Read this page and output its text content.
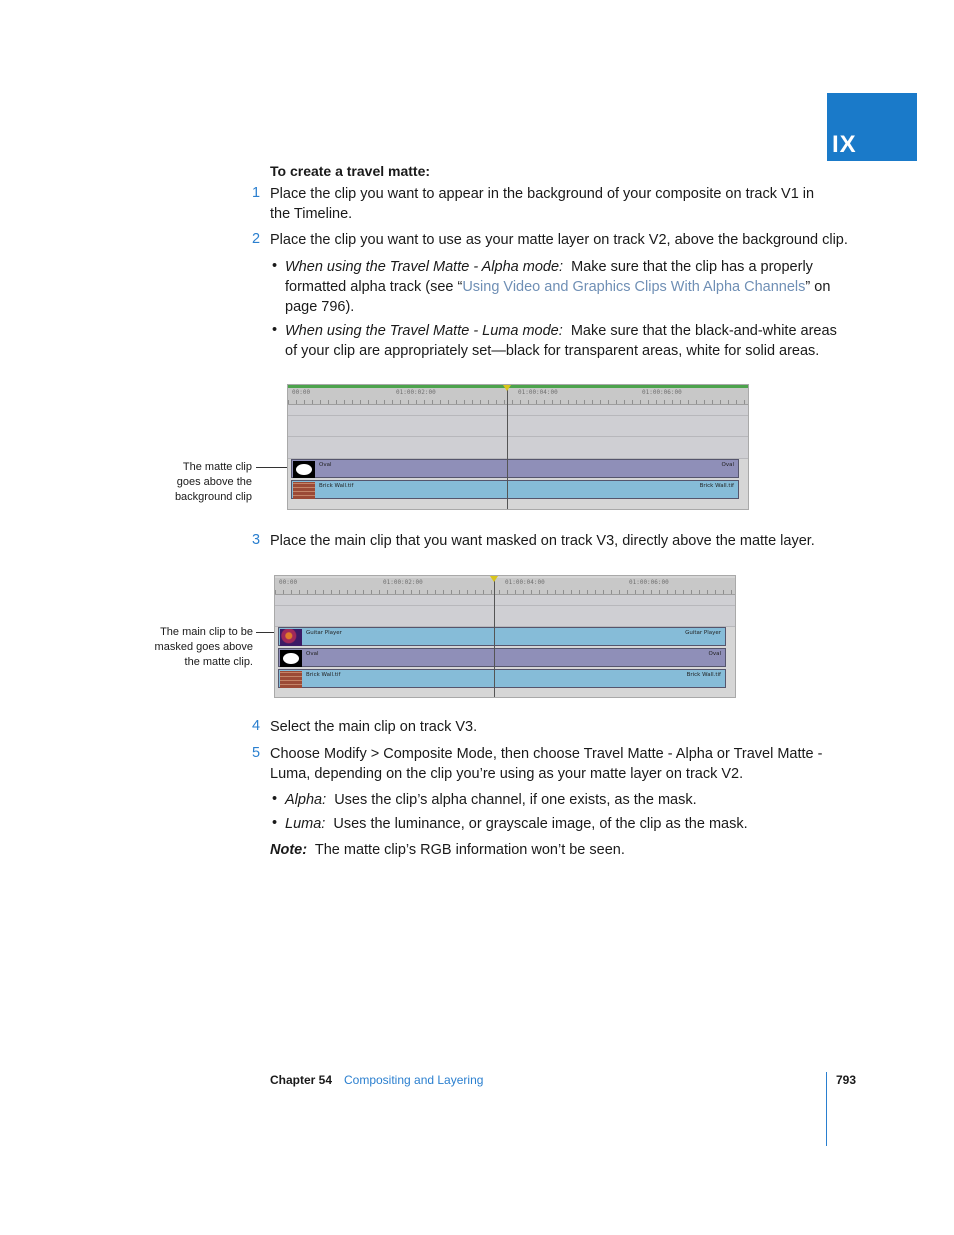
IX
To create a travel matte:
1 Place the clip you want to appear in the background of your composite on track V1 in the Timeline.
2 Place the clip you want to use as your matte layer on track V2, above the background clip.
• When using the Travel Matte - Alpha mode: Make sure that the clip has a properly
formatted alpha track (see “Using Video and Graphics Clips With Alpha Channels” on
page 796).
• When using the Travel Matte - Luma mode: Make sure that the black-and-white areas
of your clip are appropriately set—black for transparent areas, white for solid areas.
The matte clip
goes above the
background clip
00:00	01:00:02:00	01:00:04:00	01:00:06:00
Oval	Oval
Brick Wall.tif	Brick Wall.tif
3 Place the main clip that you want masked on track V3, directly above the matte layer.
The main clip to be
masked goes above
the matte clip.
00:00	01:00:02:00	01:00:04:00	01:00:06:00
Guitar Player	Guitar Player
Oval	Oval
Brick Wall.tif	Brick Wall.tif
4 Select the main clip on track V3.
5 Choose Modify > Composite Mode, then choose Travel Matte - Alpha or Travel Matte -
Luma, depending on the clip you’re using as your matte layer on track V2.
• Alpha: Uses the clip’s alpha channel, if one exists, as the mask.
• Luma: Uses the luminance, or grayscale image, of the clip as the mask.
Note: The matte clip’s RGB information won’t be seen.
Chapter 54 Compositing and Layering	793
